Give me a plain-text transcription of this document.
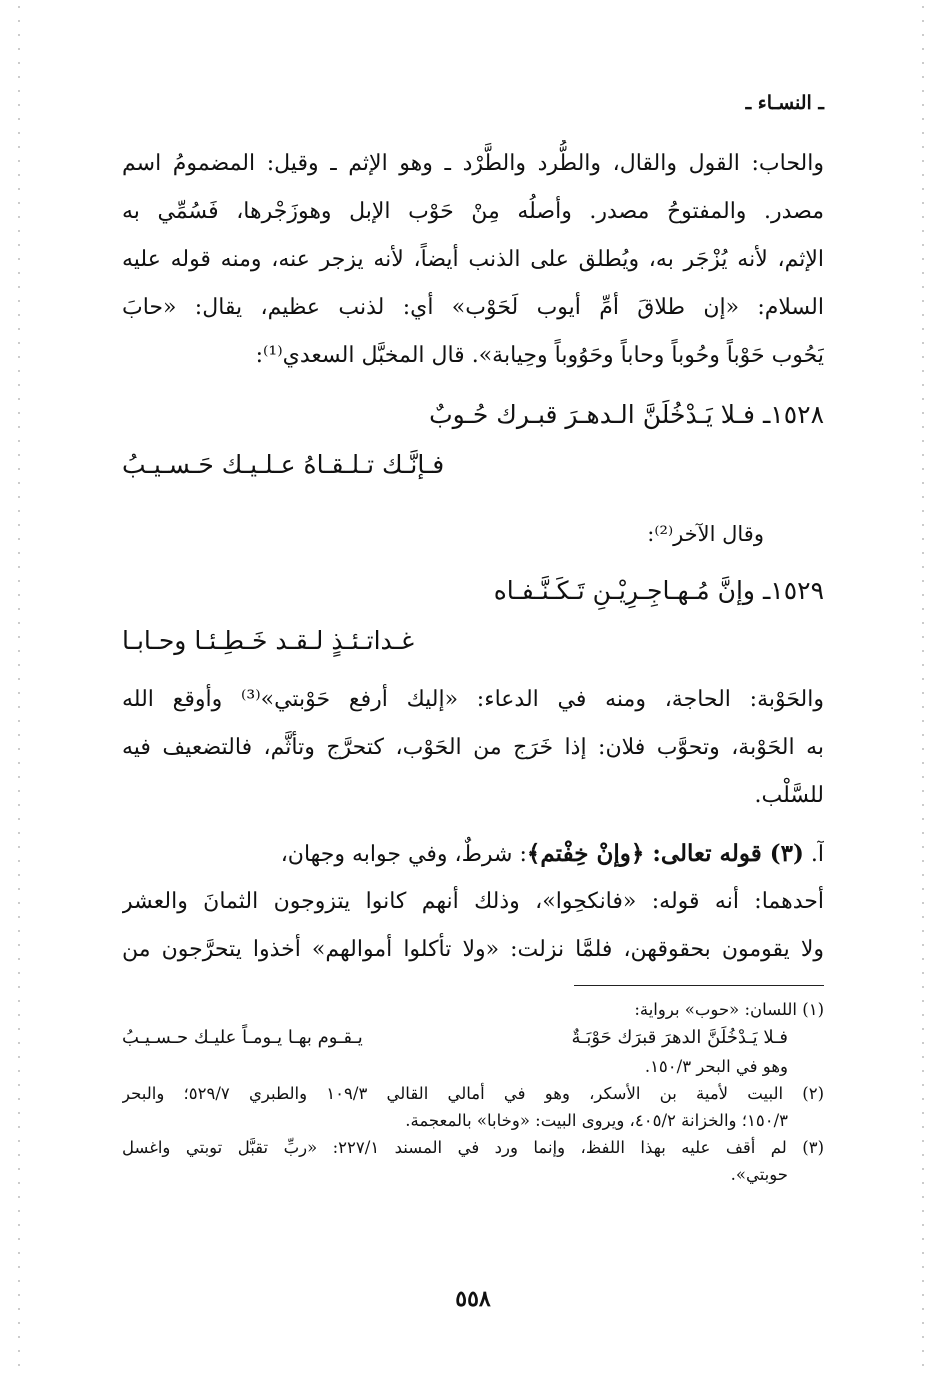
ـ النسـاء ـ
والحاب: القول والقال، والطُّرد والطَّرْد ـ وهو الإثم ـ وقيل: المضمومُ اسم
مصدر. والمفتوحُ مصدر. وأصلُه مِنْ حَوْب الإبل وهوزَجْرها، فَسُمِّي به
الإثم، لأنه يُزْجَر به، ويُطلق على الذنب أيضاً، لأنه يزجر عنه، ومنه قوله عليه
السلام: «إن طلاقَ أمِّ أيوب لَحَوْب» أي: لذنب عظيم، يقال: «حابَ
يَحُوب حَوْباً وحُوباً وحاباً وحَوُوباً وحِيابة». قال المخبَّل السعدي⁽¹⁾:
١٥٢٨ـ فـلا يَـدْخُلَنَّ الـدهـرَ قبـرك حُـوبٌ
فـإنَّـك تـلـقـاهُ عـلـيـك حَـسـيـبُ
وقال الآخر⁽²⁾:
١٥٢٩ـ وإنَّ مُـهـاجِـرِيْـنِ تَـكَـنَّـفـاه
غـداتـئـذٍ لـقـد خَـطِـئـا وحـابـا
والحَوْبة: الحاجة، ومنه في الدعاء: «إليك أرفع حَوْبتي»⁽³⁾ وأوقع الله
به الحَوْبة، وتحوَّب فلان: إذا خَرَج من الحَوْب، كتحرَّج وتأثَّم، فالتضعيف فيه
للسَّلْب.
آ. (٣) قوله تعالى: ﴿وإنْ خِفْتم﴾: شرطٌ، وفي جوابه وجهان،
أحدهما: أنه قوله: «فانكحِوا»، وذلك أنهم كانوا يتزوجون الثمانَ والعشر
ولا يقومون بحقوقهن، فلمَّا نزلت: «ولا تأكلوا أموالهم» أخذوا يتحرَّجون من
(١) اللسان: «حوب» برواية:
فـلا يَـدْخُلَنَّ الدهرَ قبرَك حَوْبَـةٌ
يـقـوم بهـا يـومـاً عليـك حـسـيـبُ
وهو في البحر ١٥٠/٣.
(٢) البيت لأمية بن الأسكر، وهو في أمالي القالي ١٠٩/٣ والطبري ٥٢٩/٧؛ والبحر
١٥٠/٣؛ والخزانة ٤٠٥/٢، ويروى البيت: «وخابا» بالمعجمة.
(٣) لم أقف عليه بهذا اللفظ، وإنما ورد في المسند ٢٢٧/١: «ربِّ تقبَّل توبتي واغسل
حوبتي».
٥٥٨
